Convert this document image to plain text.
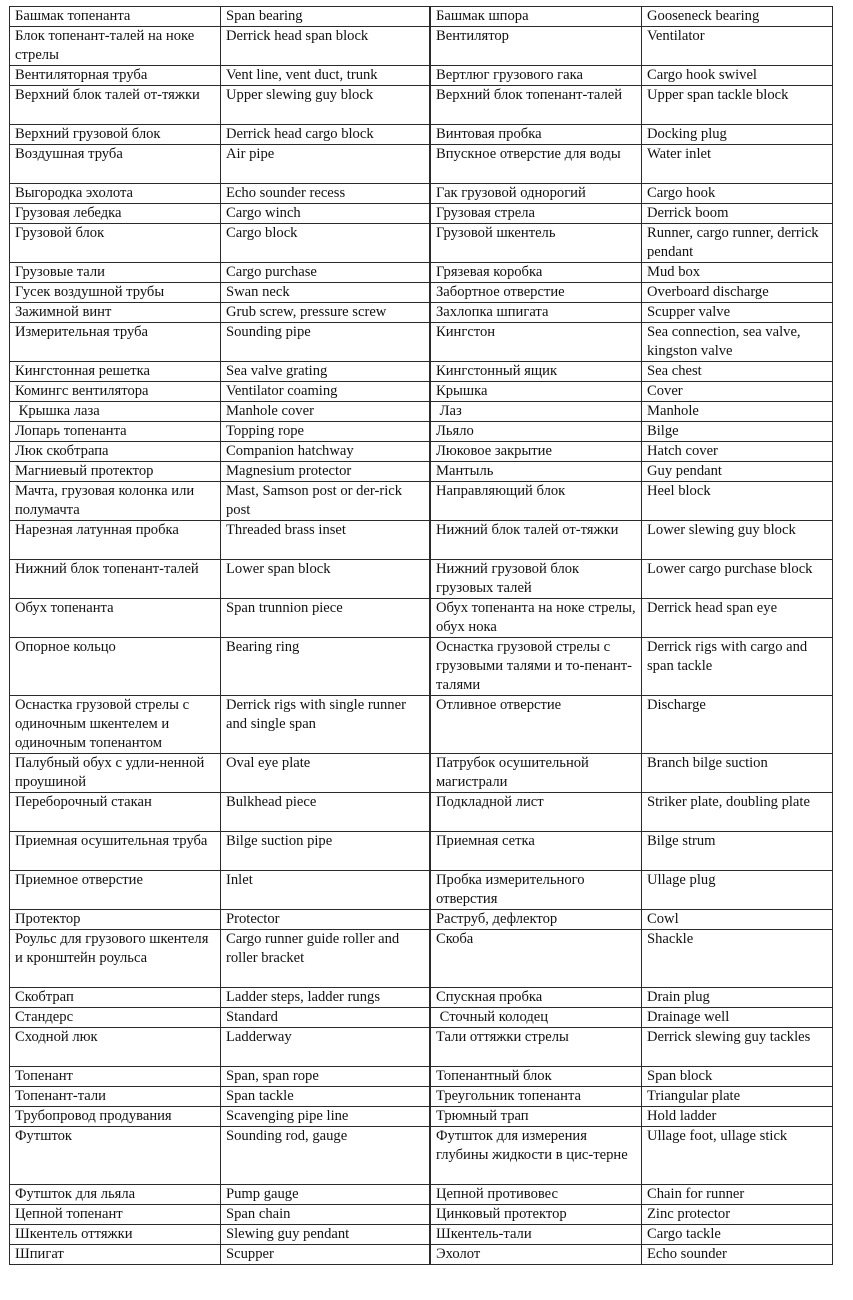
Башмак топенанта	Span bearing	Башмак шпора	Gooseneck bearing
Блок топенант-талей на ноке стрелы	Derrick head span block	Вентилятор	Ventilator
Вентиляторная труба	Vent line, vent duct, trunk	Вертлюг грузового гака	Cargo hook swivel
Верхний блок талей от-тяжки	Upper slewing guy block	Верхний блок топенант-талей	Upper span tackle block
Верхний грузовой блок	Derrick head cargo block	Винтовая пробка	Docking plug
Воздушная труба	Air pipe	Впускное отверстие для воды	Water inlet
Выгородка эхолота	Echo sounder recess	Гак грузовой однорогий	Cargo hook
Грузовая лебедка	Cargo winch	Грузовая стрела	Derrick boom
Грузовой блок	Cargo block	Грузовой шкентель	Runner, cargo runner, derrick pendant
Грузовые тали	Cargo purchase	Грязевая коробка	Mud box
Гусек воздушной трубы	Swan neck	Забортное отверстие	Overboard discharge
Зажимной винт	Grub screw, pressure screw	Захлопка шпигата	Scupper valve
Измерительная труба	Sounding pipe	Кингстон	Sea connection, sea valve, kingston valve
Кингстонная решетка	Sea valve grating	Кингстонный ящик	Sea chest
Комингс вентилятора	Ventilator coaming	Крышка	Cover
Крышка лаза	Manhole cover	Лаз	Manhole
Лопарь топенанта	Topping rope	Льяло	Bilge
Люк скобтрапа	Companion hatchway	Люковое закрытие	Hatch cover
Магниевый протектор	Magnesium protector	Мантыль	Guy pendant
Мачта, грузовая колонка или полумачта	Mast, Samson post or der-rick post	Направляющий блок	Heel block
Нарезная латунная пробка	Threaded brass inset	Нижний блок талей от-тяжки	Lower slewing guy block
Нижний блок топенант-талей	Lower span block	Нижний грузовой блок грузовых талей	Lower cargo purchase block
Обух топенанта	Span trunnion piece	Обух топенанта на ноке стрелы, обух нока	Derrick head span eye
Опорное кольцо	Bearing ring	Оснастка грузовой стрелы с грузовыми талями и то-пенант-талями	Derrick rigs with cargo and span tackle
Оснастка грузовой стрелы с одиночным шкентелем и одиночным топенантом	Derrick rigs with single runner and single span	Отливное отверстие	Discharge
Палубный обух с удли-ненной проушиной	Oval eye plate	Патрубок осушительной магистрали	Branch bilge suction
Переборочный стакан	Bulkhead piece	Подкладной лист	Striker plate, doubling plate
Приемная осушительная труба	Bilge suction pipe	Приемная сетка	Bilge strum
Приемное отверстие	Inlet	Пробка измерительного отверстия	Ullage plug
Протектор	Protector	Раструб, дефлектор	Cowl
Роульс для грузового шкентеля и кронштейн роульса	Cargo runner guide roller and roller bracket	Скоба	Shackle
Скобтрап	Ladder steps, ladder rungs	Спускная пробка	Drain plug
Стандерс	Standard	Сточный колодец	Drainage well
Сходной люк	Ladderway	Тали оттяжки стрелы	Derrick slewing guy tackles
Топенант	Span, span rope	Топенантный блок	Span block
Топенант-тали	Span tackle	Треугольник топенанта	Triangular plate
Трубопровод продувания	Scavenging pipe line	Трюмный трап	Hold ladder
Футшток	Sounding rod, gauge	Футшток для измерения глубины жидкости в цис-терне	Ullage foot, ullage stick
Футшток для льяла	Pump gauge	Цепной противовес	Chain for runner
Цепной топенант	Span chain	Цинковый протектор	Zinc protector
Шкентель оттяжки	Slewing guy pendant	Шкентель-тали	Cargo tackle
Шпигат	Scupper	Эхолот	Echo sounder
